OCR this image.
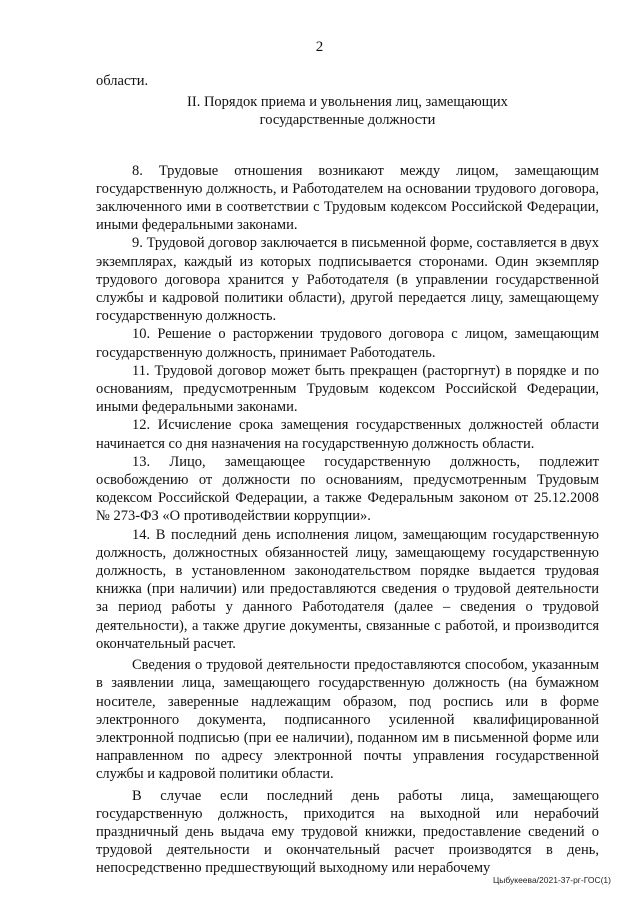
2

области.

II. Порядок приема и увольнения лиц, замещающих
государственные должности

8. Трудовые отношения возникают между лицом, замещающим государственную должность, и Работодателем на основании трудового договора, заключенного ими в соответствии с Трудовым кодексом Российской Федерации, иными федеральными законами.

9. Трудовой договор заключается в письменной форме, составляется в двух экземплярах, каждый из которых подписывается сторонами. Один экземпляр трудового договора хранится у Работодателя (в управлении государственной службы и кадровой политики области), другой передается лицу, замещающему государственную должность.

10. Решение о расторжении трудового договора с лицом, замещающим государственную должность, принимает Работодатель.

11. Трудовой договор может быть прекращен (расторгнут) в порядке и по основаниям, предусмотренным Трудовым кодексом Российской Федерации, иными федеральными законами.

12. Исчисление срока замещения государственных должностей области начинается со дня назначения на государственную должность области.

13. Лицо, замещающее государственную должность, подлежит освобождению от должности по основаниям, предусмотренным Трудовым кодексом Российской Федерации, а также Федеральным законом от 25.12.2008 № 273-ФЗ «О противодействии коррупции».

14. В последний день исполнения лицом, замещающим государственную должность, должностных обязанностей лицу, замещающему государственную должность, в установленном законодательством порядке выдается трудовая книжка (при наличии) или предоставляются сведения о трудовой деятельности за период работы у данного Работодателя (далее – сведения о трудовой деятельности), а также другие документы, связанные с работой, и производится окончательный расчет.

Сведения о трудовой деятельности предоставляются способом, указанным в заявлении лица, замещающего государственную должность (на бумажном носителе, заверенные надлежащим образом, под роспись или в форме электронного документа, подписанного усиленной квалифицированной электронной подписью (при ее наличии), поданном им в письменной форме или направленном по адресу электронной почты управления государственной службы и кадровой политики области.

В случае если последний день работы лица, замещающего государственную должность, приходится на выходной или нерабочий праздничный день выдача ему трудовой книжки, предоставление сведений о трудовой деятельности и окончательный расчет производятся в день, непосредственно предшествующий выходному или нерабочему

Цыбукеева/2021-37-рг-ГОС(1)
